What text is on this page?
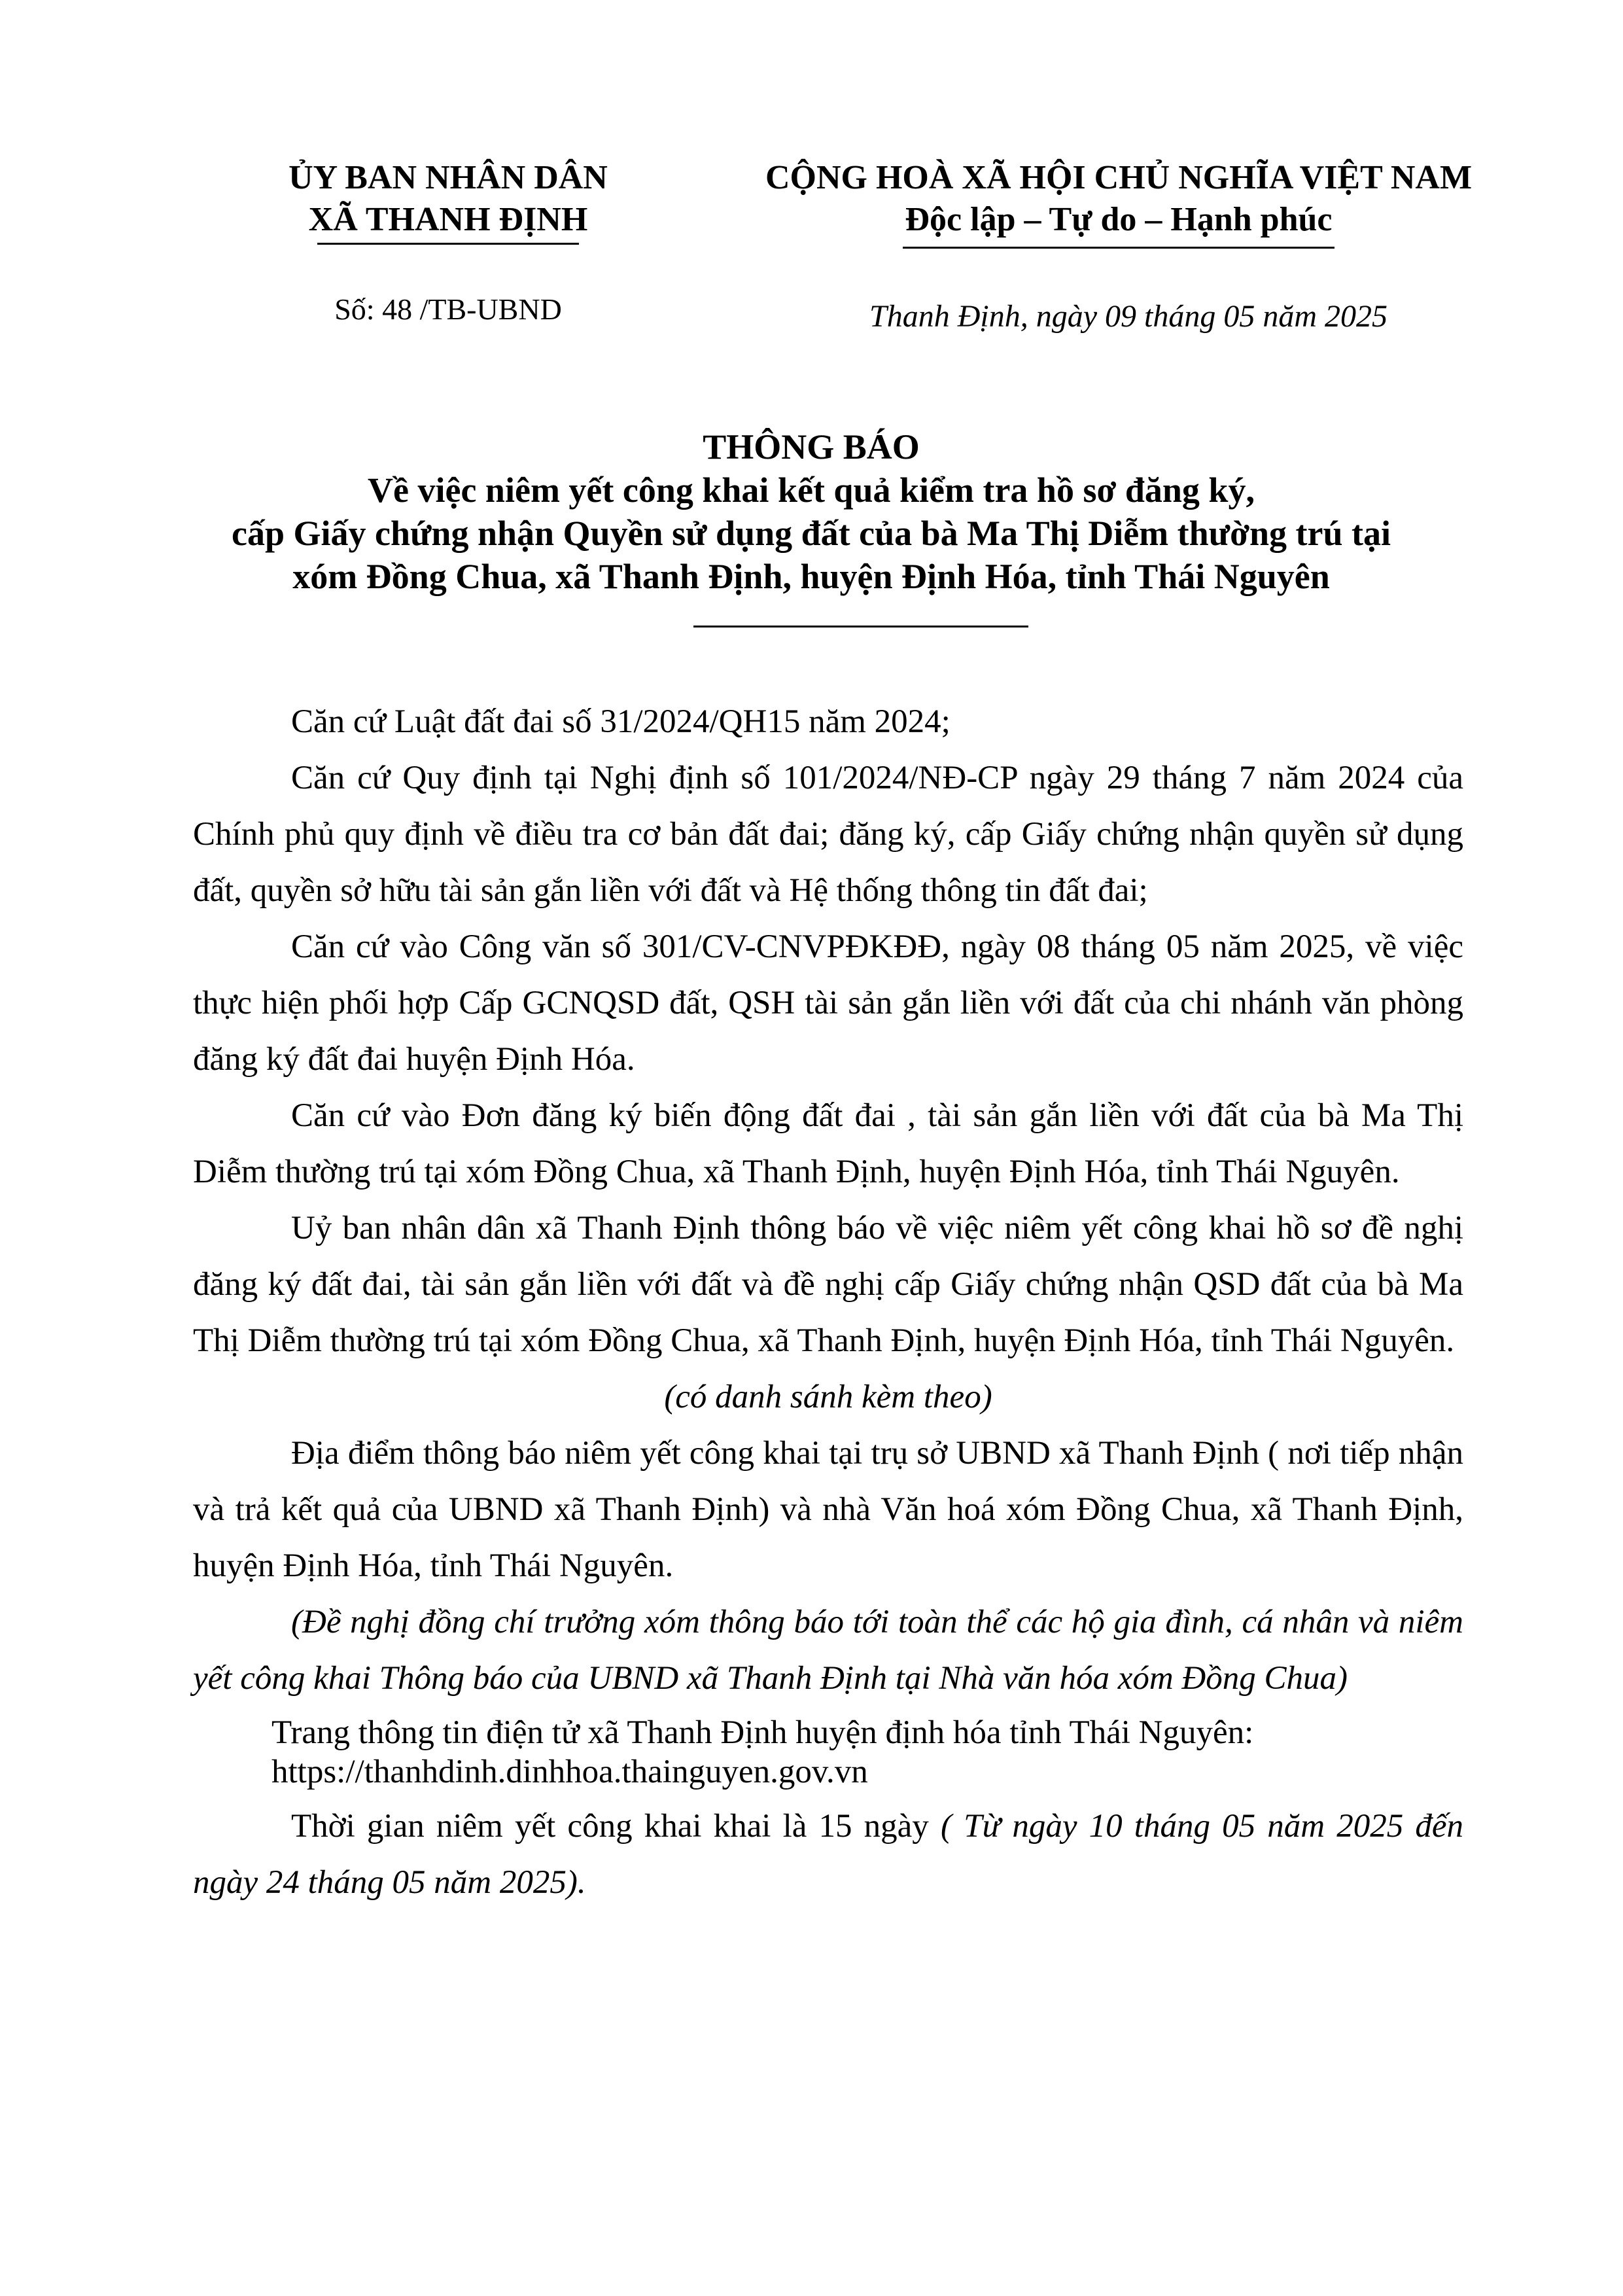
ỦY BAN NHÂN DÂN
XÃ THANH ĐỊNH
CỘNG HOÀ XÃ HỘI CHỦ NGHĨA VIỆT NAM
Độc lập – Tự do – Hạnh phúc
Số: 48 /TB-UBND	Thanh Định, ngày 09 tháng 05 năm 2025
THÔNG BÁO
Về việc niêm yết công khai kết quả kiểm tra hồ sơ đăng ký,
cấp Giấy chứng nhận Quyền sử dụng đất của bà Ma Thị Diễm thường trú tại
xóm Đồng Chua, xã Thanh Định, huyện Định Hóa, tỉnh Thái Nguyên

Căn cứ Luật đất đai số 31/2024/QH15 năm 2024;

Căn cứ Quy định tại Nghị định số 101/2024/NĐ-CP ngày 29 tháng 7 năm 2024 của Chính phủ quy định về điều tra cơ bản đất đai; đăng ký, cấp Giấy chứng nhận quyền sử dụng đất, quyền sở hữu tài sản gắn liền với đất và Hệ thống thông tin đất đai;

Căn cứ vào Công văn số 301/CV-CNVPĐKĐĐ, ngày 08 tháng 05 năm 2025, về việc thực hiện phối hợp Cấp GCNQSD đất, QSH tài sản gắn liền với đất của chi nhánh văn phòng đăng ký đất đai huyện Định Hóa.

Căn cứ vào Đơn đăng ký biến động đất đai , tài sản gắn liền với đất của bà Ma Thị Diễm thường trú tại xóm Đồng Chua, xã Thanh Định, huyện Định Hóa, tỉnh Thái Nguyên.

Uỷ ban nhân dân xã Thanh Định thông báo về việc niêm yết công khai hồ sơ đề nghị đăng ký đất đai, tài sản gắn liền với đất và đề nghị cấp Giấy chứng nhận QSD đất của bà Ma Thị Diễm thường trú tại xóm Đồng Chua, xã Thanh Định, huyện Định Hóa, tỉnh Thái Nguyên.

(có danh sánh kèm theo)

Địa điểm thông báo niêm yết công khai tại trụ sở UBND xã Thanh Định ( nơi tiếp nhận và trả kết quả của UBND xã Thanh Định) và nhà Văn hoá xóm Đồng Chua, xã Thanh Định, huyện Định Hóa, tỉnh Thái Nguyên.

(Đề nghị đồng chí trưởng xóm thông báo tới toàn thể các hộ gia đình, cá nhân và niêm yết công khai Thông báo của UBND xã Thanh Định tại Nhà văn hóa xóm Đồng Chua)

Trang thông tin điện tử xã Thanh Định huyện định hóa tỉnh Thái Nguyên:

https://thanhdinh.dinhhoa.thainguyen.gov.vn

Thời gian niêm yết công khai khai là 15 ngày ( Từ ngày 10 tháng 05 năm 2025 đến ngày 24 tháng 05 năm 2025).
